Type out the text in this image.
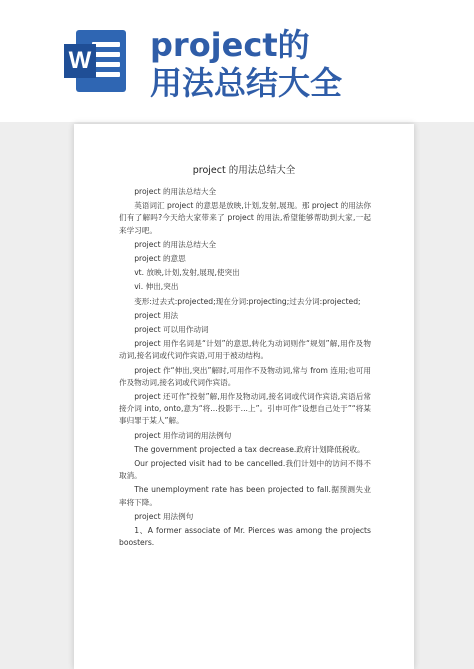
W project的
用法总结大全
project 的用法总结大全

project 的用法总结大全

英语词汇 project 的意思是放映,计划,发射,展现。那 project 的用法你们有了解吗?今天给大家带来了 project 的用法,希望能够帮助到大家,一起来学习吧。

project 的用法总结大全

project 的意思

vt. 放映,计划,发射,展现,使突出

vi. 伸出,突出

变形:过去式:projected;现在分词:projecting;过去分词:projected;

project 用法

project 可以用作动词

project 用作名词是“计划”的意思,转化为动词则作“规划”解,用作及物动词,接名词或代词作宾语,可用于被动结构。

project 作“伸出,突出”解时,可用作不及物动词,常与 from 连用;也可用作及物动词,接名词或代词作宾语。

project 还可作“投射”解,用作及物动词,接名词或代词作宾语,宾语后常接介词 into, onto,意为“将...投影于...上”。引申可作“设想自己处于”“将某事归罪于某人”解。

project 用作动词的用法例句

The government projected a tax decrease.政府计划降低税收。

Our projected visit had to be cancelled.我们计划中的访问不得不取消。

The unemployment rate has been projected to fall.据预测失业率将下降。

project 用法例句

1、A former associate of Mr. Pierces was among the projects boosters.
